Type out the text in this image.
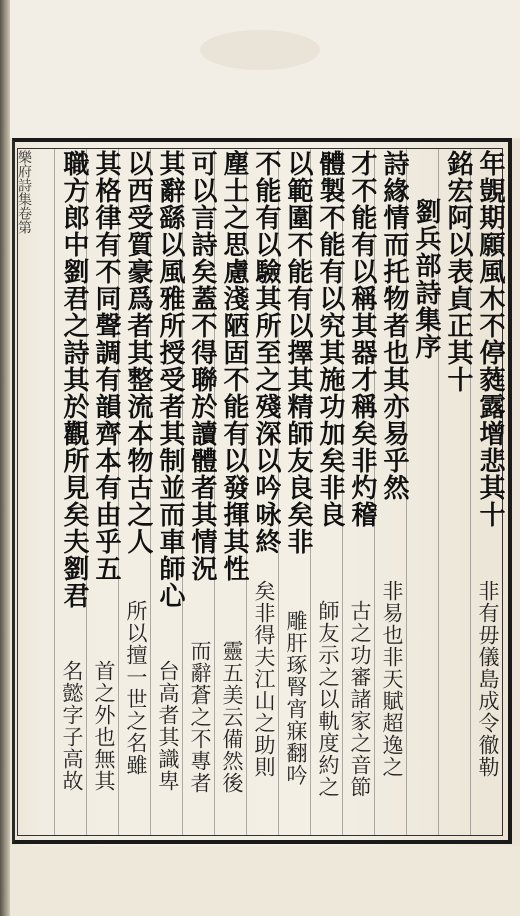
樂府詩集卷第	年覬期願風木不停蕤露增悲其十
銘宏阿以表貞正其十
劉兵部詩集序
詩緣情而托物者也其亦易乎然
才不能有以稱其器才稱矣非灼稽
體製不能有以究其施功加矣非良
以範圍不能有以擇其精師友良矣非
不能有以驗其所至之殘深以吟咏終
塵土之思慮淺陋固不能有以發揮其性
可以言詩矣蓋不得聯於讀體者其情況
其辭繇以風雅所授受者其制並而車師心
以西受質豪爲者其整流本物古之人
其格律有不同聲調有韻齊本有由乎五
職方郎中劉君之詩其於觀所見矣夫劉君
非易也非天賦超逸之
古之功審諸家之音節
師友示之以軌度約之
雕肝琢腎宵寐翻吟
矣非得夫江山之助則
靈五美云備然後
而辭蒼之不專者
台高者其識卑
所以擅一世之名雖
首之外也無其
名懿字子高故	非有毋儀島成令徹勒
